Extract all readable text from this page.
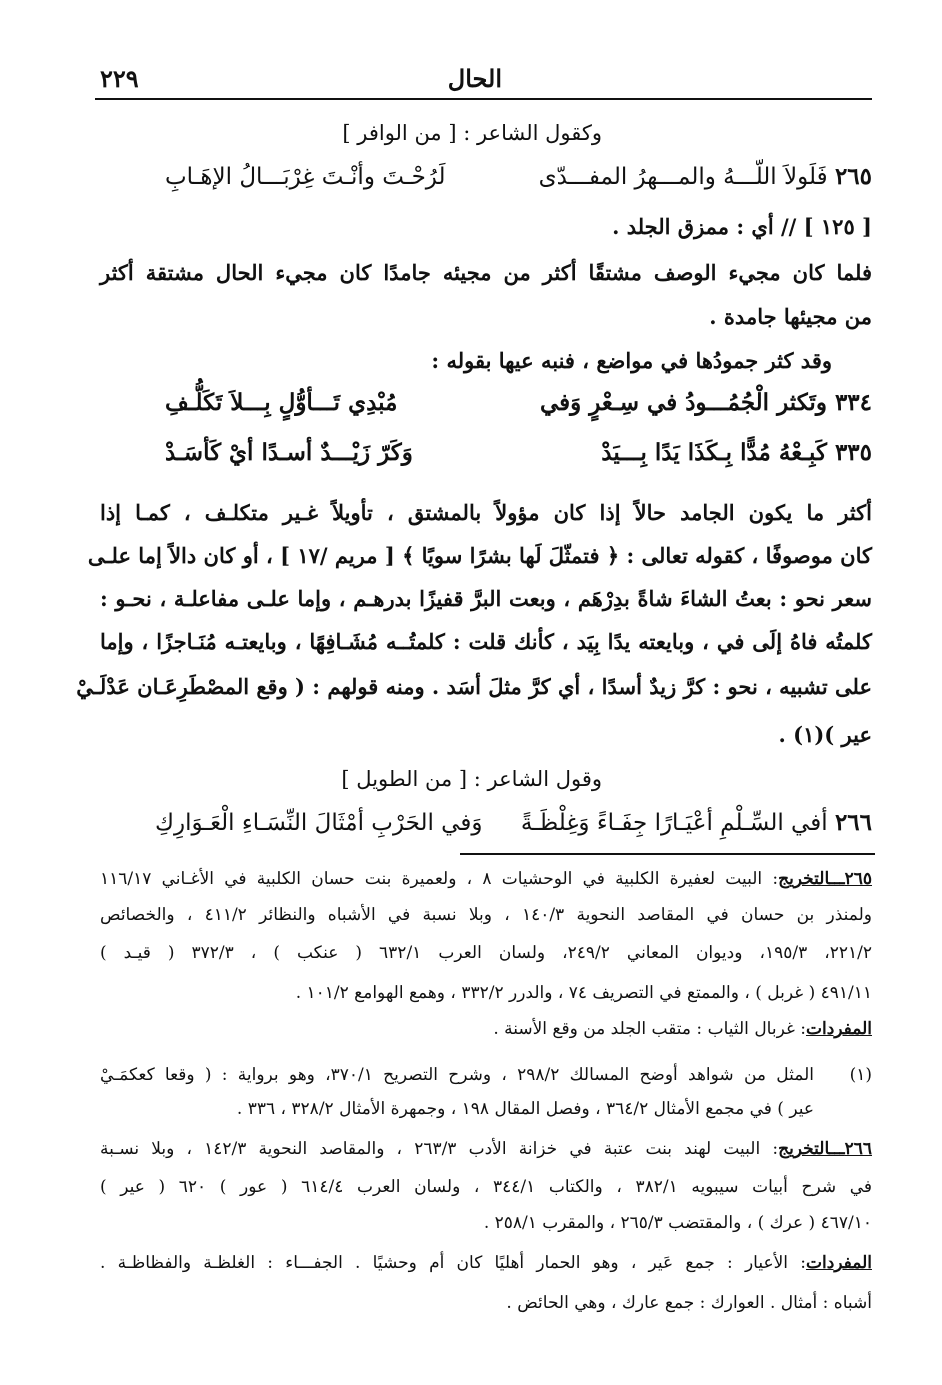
الحال
٢٢٩
وكقول الشاعر : [ من الوافر ]
٢٦٥ فَلَولاَ اللّـــهُ والمـــهرُ المفـــدّى
لَرُحْـتَ وأنْـتَ غِرْبَـــالُ الإهَـابِ
[ ١٢٥ ] // أي : ممزق الجلد .
فلما كان مجيء الوصف مشتقًا أكثر من مجيئه جامدًا كان مجيء الحال مشتقة أكثر
من مجيئها جامدة .
وقد كثر جمودُها في مواضع ، فنبه عيها بقوله :
٣٣٤ وتَكثر الْجُمُـــودُ في سِـعْرٍ وَفي
مُبْدِي تَـــأوُّلٍ بِـــلاَ تَكَلُّـفِ
٣٣٥ كَبِـعْهُ مُدًّا بِـكَذَا يَدًا بِـــيَدْ
وَكَرّ زَيْـــدٌ أسـدًا أيْ كَأسَـدْ
أكثر ما يكون الجامد حالاً إذا كان مؤولاً بالمشتق ، تأويلاً غـير متكلـف ، كمـا إذا
كان موصوفًا ، كقوله تعالى : ﴿ فتمثّلَ لَها بشرًا سويًا ﴾ [ مريم /١٧ ] ، أو كان دالاً إما علـى
سعر نحو : بعتُ الشاءَ شاةً بدِرْهَم ، وبعت البرَّ قفيزًا بدرهـم ، وإما علـى مفاعلـة ، نحـو :
كلمتُه فاهُ إلَى في ، وبايعته يدًا بِيَد ، كأنك قلت : كلمتُــه مُشَـافِهًا ، وبايعتـه مُنَـاجزًا ، وإما
على تشبيه ، نحو : كرَّ زيدٌ أسدًا ، أي كرَّ مثلَ أسَد . ومنه قولهم : ( وقع المصْطَرِعَـان عَدْلَـيْ
عير )(١) .
وقول الشاعر : [ من الطويل ]
٢٦٦ أفي السِّـلْمِ أعْيَـارًا جِفَـاءً وَغِلْظَـةً
وَفي الحَرْبِ أمْثَالَ النِّسَـاءِ الْعَـوَارِكِ
٢٦٥ـــالتخريج: البيت لعفيرة الكلبية في الوحشيات ٨ ، ولعميرة بنت حسان الكلبية في الأغـاني ١١٦/١٧
ولمنذر بن حسان في المقاصد النحوية ١٤٠/٣ ، وبلا نسبة في الأشباه والنظائر ٤١١/٢ ، والخصائص
٢٢١/٢، ١٩٥/٣، وديوان المعاني ٢٤٩/٢، ولسان العرب ٦٣٢/١ ( عنكب ) ، ٣٧٢/٣ ( قيـد )
٤٩١/١١ ( غربل ) ، والممتع في التصريف ٧٤ ، والدرر ٣٣٢/٢ ، وهمع الهوامع ١٠١/٢ .
المفردات: غربال الثياب : متقب الجلد من وقع الأسنة .
(١)
المثل من شواهد أوضح المسالك ٢٩٨/٢ ، وشرح التصريح ٣٧٠/١، وهو برواية : ( وقعا كعكمَـيْ
عير ) في مجمع الأمثال ٣٦٤/٢ ، وفصل المقال ١٩٨ ، وجمهرة الأمثال ٣٢٨/٢ ، ٣٣٦ .
٢٦٦ـــالتخريج: البيت لهند بنت عتبة في خزانة الأدب ٢٦٣/٣ ، والمقاصد النحوية ١٤٢/٣ ، وبلا نسـبة
في شرح أبيات سيبويه ٣٨٢/١ ، والكتاب ٣٤٤/١ ، ولسان العرب ٦١٤/٤ ( عور ) ٦٢٠ ( عير )
٤٦٧/١٠ ( عرك ) ، والمقتضب ٢٦٥/٣ ، والمقرب ٢٥٨/١ .
المفردات: الأعيار : جمع عَير ، وهو الحمار أهليًا كان أم وحشيًا . الجفـــاء : الغلظـة والفظاظـة .
أشباه : أمثال . العوارك : جمع عارك ، وهي الحائض .
